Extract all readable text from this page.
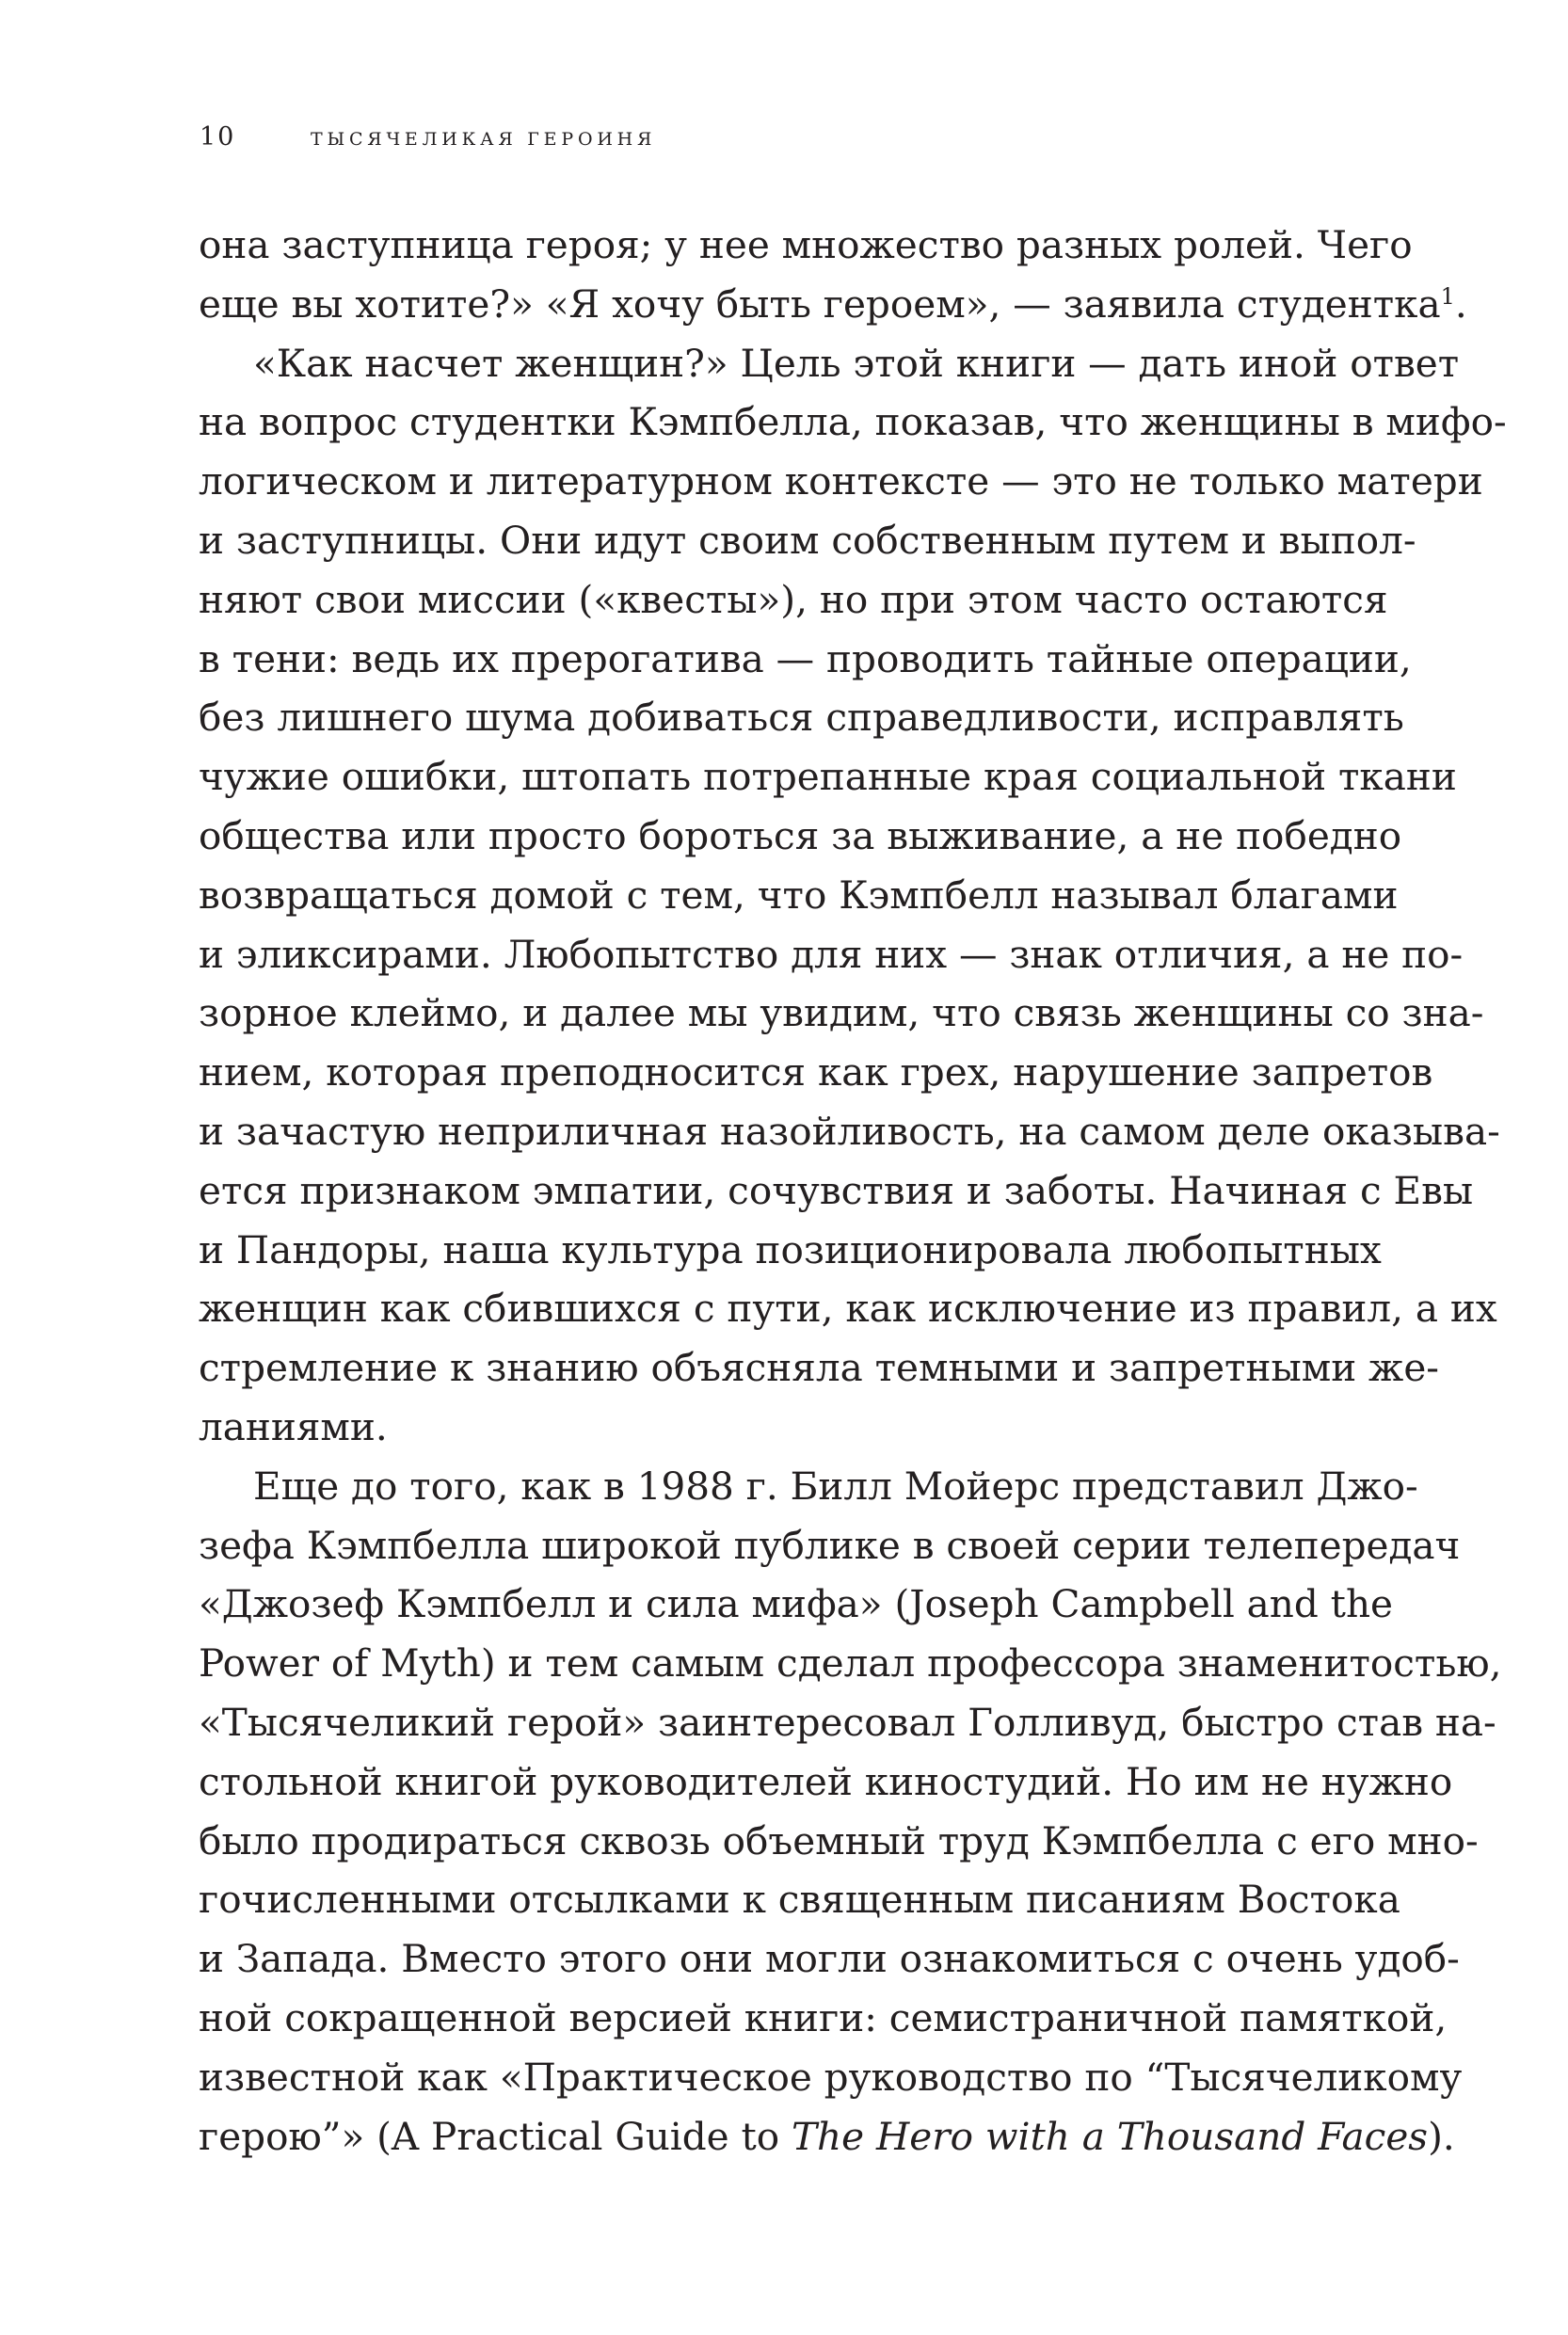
10	ТЫСЯЧЕЛИКАЯ ГЕРОИНЯ
она заступница героя; у нее множество разных ролей. Чего
еще вы хотите?» «Я хочу быть героем», — заявила студентка$^1$.
«Как насчет женщин?» Цель этой книги — дать иной ответ
на вопрос студентки Кэмпбелла, показав, что женщины в мифо-
логическом и литературном контексте — это не только матери
и заступницы. Они идут своим собственным путем и выпол-
няют свои миссии («квесты»), но при этом часто остаются
в тени: ведь их прерогатива — проводить тайные операции,
без лишнего шума добиваться справедливости, исправлять
чужие ошибки, штопать потрепанные края социальной ткани
общества или просто бороться за выживание, а не победно
возвращаться домой с тем, что Кэмпбелл называл благами
и эликсирами. Любопытство для них — знак отличия, а не по-
зорное клеймо, и далее мы увидим, что связь женщины со зна-
нием, которая преподносится как грех, нарушение запретов
и зачастую неприличная назойливость, на самом деле оказыва-
ется признаком эмпатии, сочувствия и заботы. Начиная с Евы
и Пандоры, наша культура позиционировала любопытных
женщин как сбившихся с пути, как исключение из правил, а их
стремление к знанию объясняла темными и запретными же-
ланиями.
Еще до того, как в 1988 г. Билл Мойерс представил Джо-
зефа Кэмпбелла широкой публике в своей серии телепередач
«Джозеф Кэмпбелл и сила мифа» (Joseph Campbell and the
Power of Myth) и тем самым сделал профессора знаменитостью,
«Тысячеликий герой» заинтересовал Голливуд, быстро став на-
стольной книгой руководителей киностудий. Но им не нужно
было продираться сквозь объемный труд Кэмпбелла с его мно-
гочисленными отсылками к священным писаниям Востока
и Запада. Вместо этого они могли ознакомиться с очень удоб-
ной сокращенной версией книги: семистраничной памяткой,
известной как «Практическое руководство по “Тысячеликому
герою”» (A Practical Guide to The Hero with a Thousand Faces).
